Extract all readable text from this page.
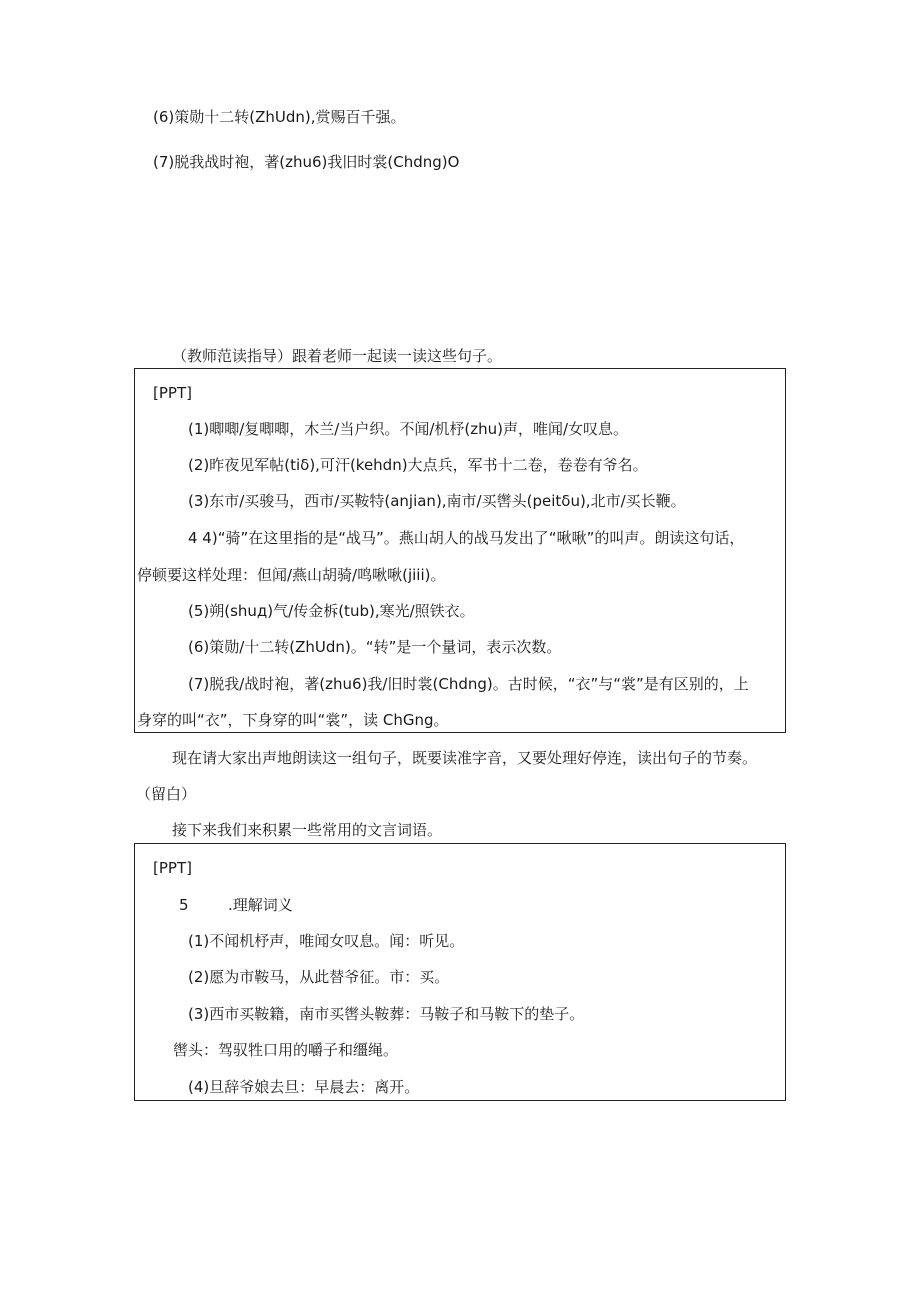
(6)策勋十二转(ZhUdn),赏赐百千强。
(7)脱我战时袍，著(zhu6)我旧时裳(Chdng)O
（教师范读指导）跟着老师一起读一读这些句子。
[PPT]
(1)唧唧/复唧唧，木兰/当户织。不闻/机杼(zhu)声，唯闻/女叹息。
(2)昨夜见军帖(tiδ),可汗(kehdn)大点兵，军书十二卷，卷卷有爷名。
(3)东市/买骏马，西市/买鞍特(anjian),南市/买辔头(peitδu),北市/买长鞭。
4 4)“骑”在这里指的是“战马”。燕山胡人的战马发出了“啾啾”的叫声。朗读这句话，
停顿要这样处理：但闻/燕山胡骑/鸣啾啾(jiii)。
(5)朔(shuд)气/传金柝(tub),寒光/照铁衣。
(6)策勋/十二转(ZhUdn)。“转”是一个量词，表示次数。
(7)脱我/战时袍，著(zhu6)我/旧时裳(Chdng)。古时候，“衣”与“裳”是有区别的，上
身穿的叫“衣”，下身穿的叫“裳”，读 ChGng。
现在请大家出声地朗读这一组句子，既要读准字音，又要处理好停连，读出句子的节奏。
（留白）
接下来我们来积累一些常用的文言词语。
[PPT]
5	.理解词义
(1)不闻机杼声，唯闻女叹息。闻：听见。
(2)愿为市鞍马，从此替爷征。市：买。
(3)西市买鞍籍，南市买辔头鞍葬：马鞍子和马鞍下的垫子。
辔头：驾驭牲口用的嚼子和缰绳。
(4)旦辞爷娘去旦：早晨去：离开。
